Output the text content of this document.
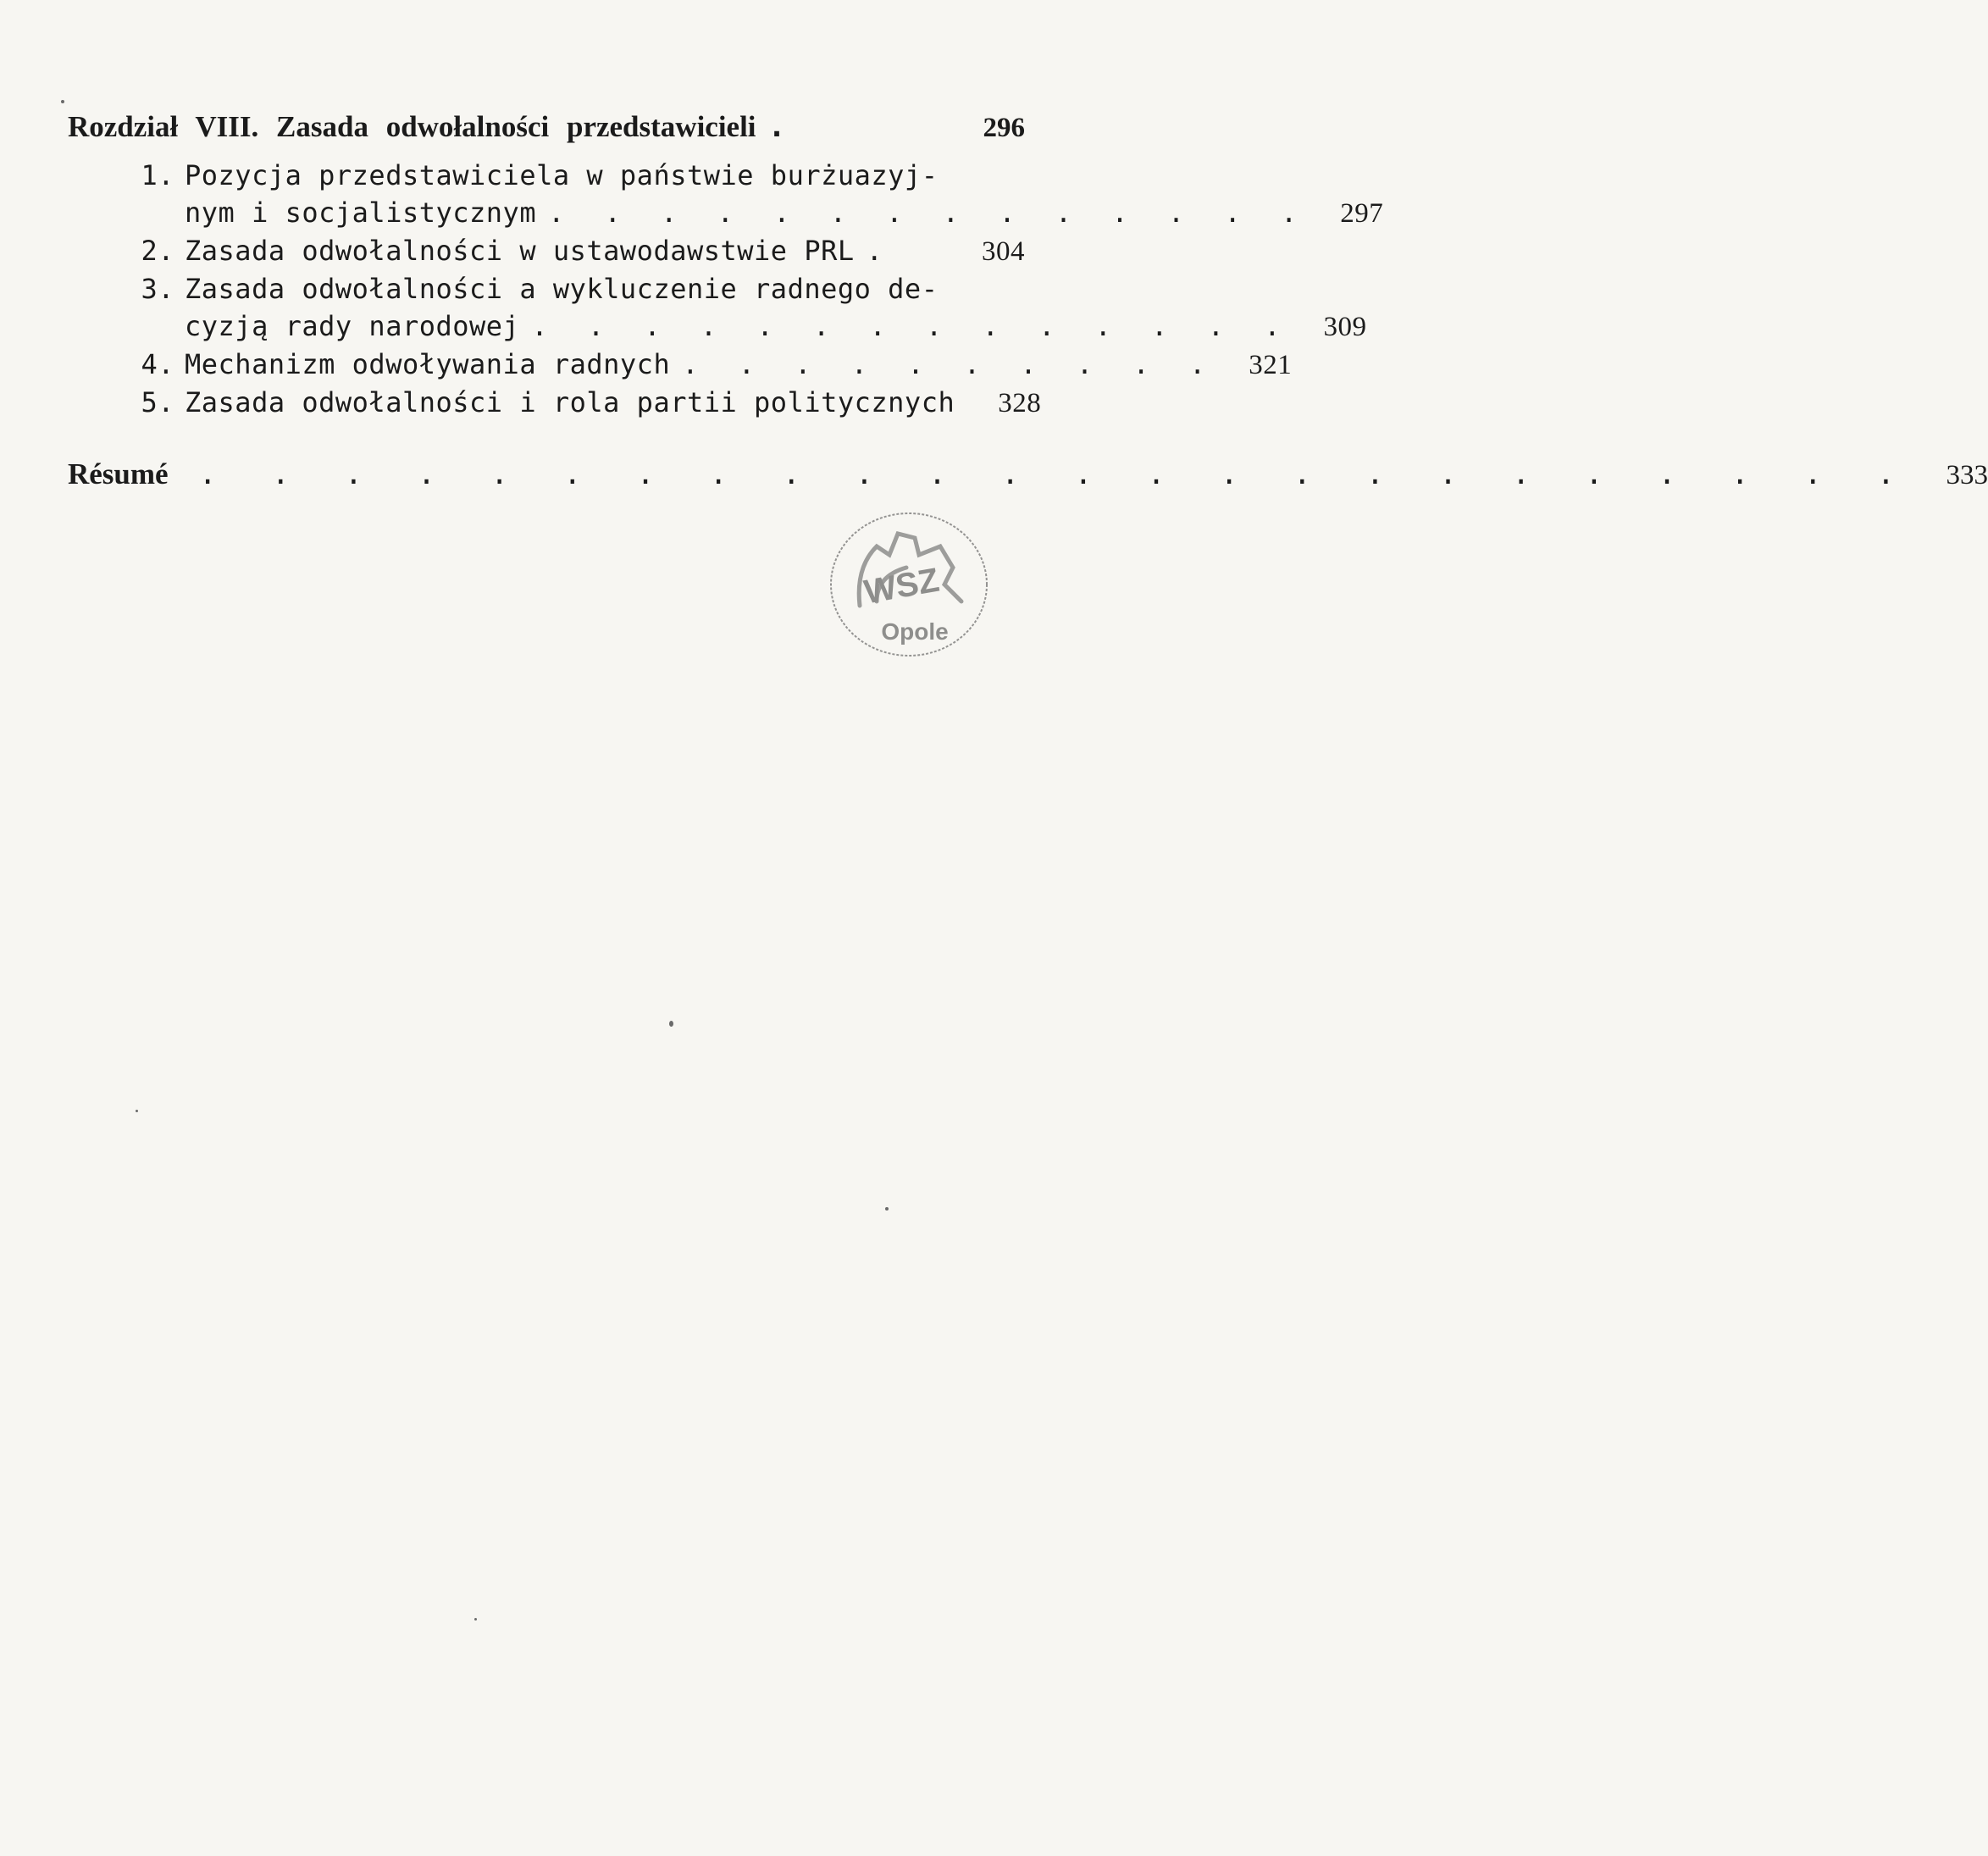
Rozdział VIII. Zasada odwołalności przedstawicieli .	296
1. Pozycja przedstawiciela w państwie burżuazyj-
nym i socjalistycznym . . . . . . . . . . . . . .	297
2. Zasada odwołalności w ustawodawstwie PRL .	304
3. Zasada odwołalności a wykluczenie radnego de-
cyzją rady narodowej . . . . . . . . . . . . . .	309
4. Mechanizm odwoływania radnych . . . . . . . . . .	321
5. Zasada odwołalności i rola partii politycznych	328
Résumé	. . . . . . . . . . . . . . . . . . . . . . . .	333
WSZ
Opole
